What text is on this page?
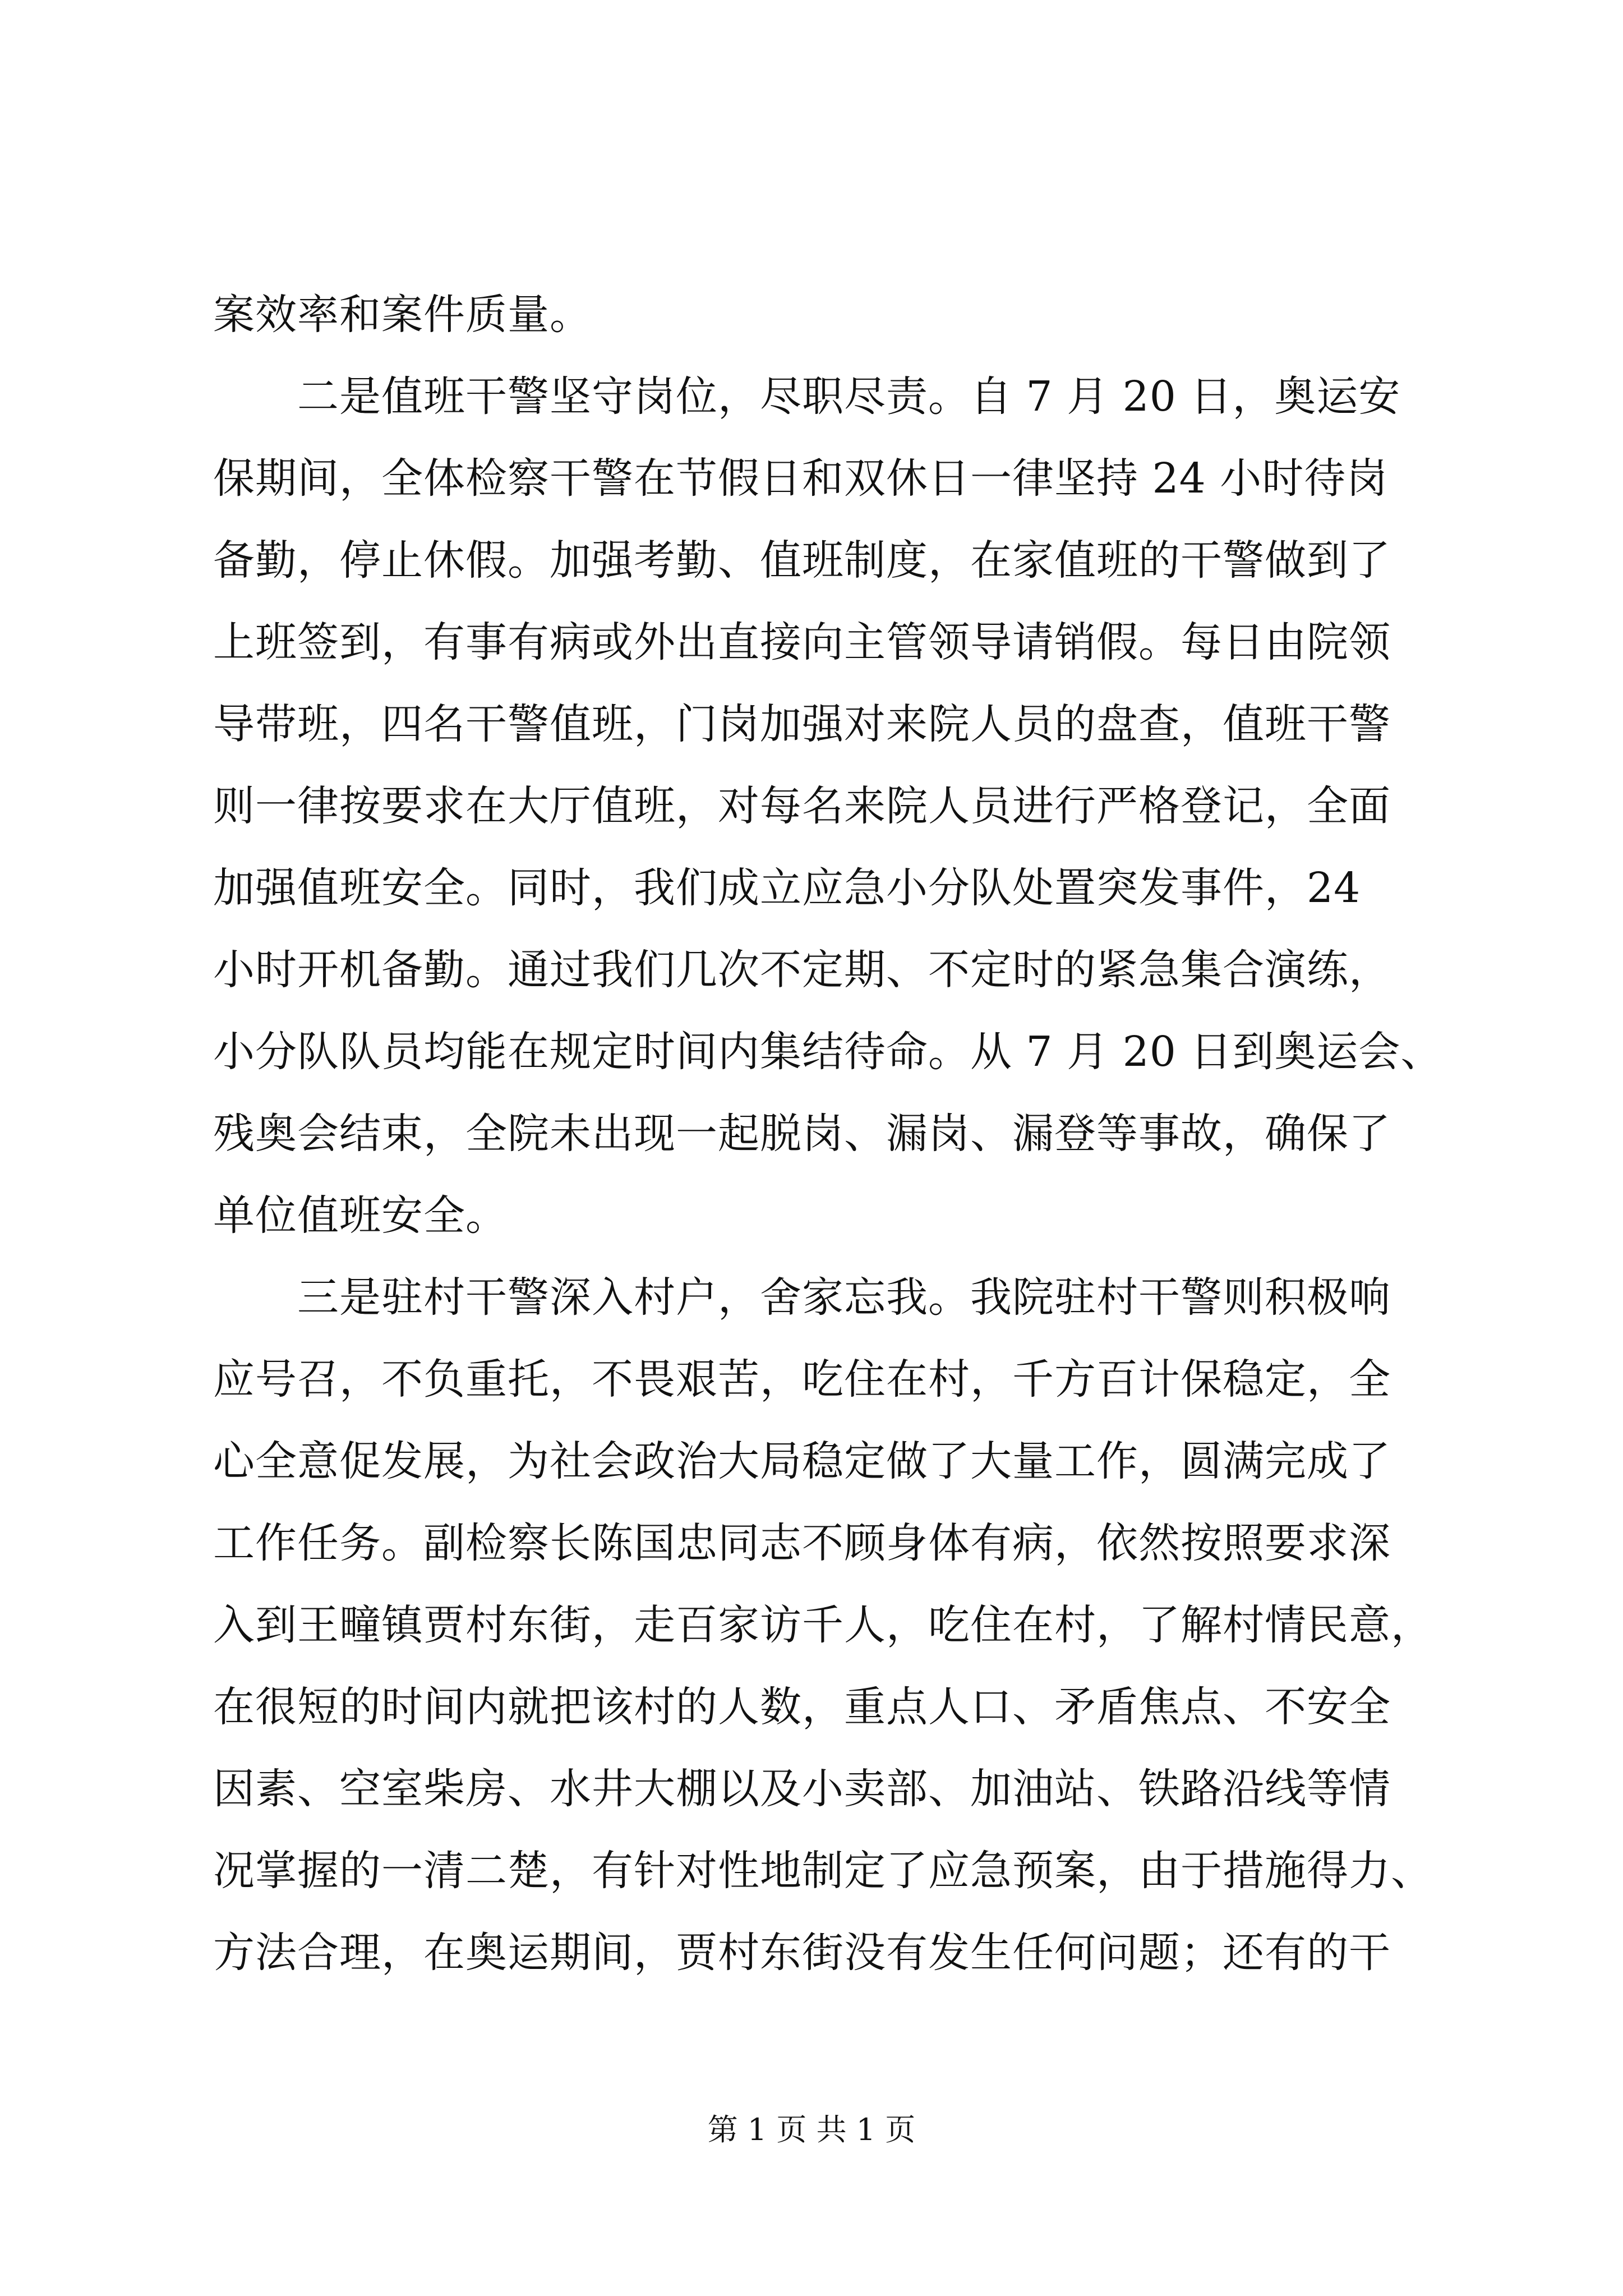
案效率和案件质量。
　　二是值班干警坚守岗位，尽职尽责。自 7 月 20 日，奥运安
保期间，全体检察干警在节假日和双休日一律坚持 24 小时待岗
备勤，停止休假。加强考勤、值班制度，在家值班的干警做到了
上班签到，有事有病或外出直接向主管领导请销假。每日由院领
导带班，四名干警值班，门岗加强对来院人员的盘查，值班干警
则一律按要求在大厅值班，对每名来院人员进行严格登记，全面
加强值班安全。同时，我们成立应急小分队处置突发事件，24
小时开机备勤。通过我们几次不定期、不定时的紧急集合演练，
小分队队员均能在规定时间内集结待命。从 7 月 20 日到奥运会、
残奥会结束，全院未出现一起脱岗、漏岗、漏登等事故，确保了
单位值班安全。
　　三是驻村干警深入村户，舍家忘我。我院驻村干警则积极响
应号召，不负重托，不畏艰苦，吃住在村，千方百计保稳定，全
心全意促发展，为社会政治大局稳定做了大量工作，圆满完成了
工作任务。副检察长陈国忠同志不顾身体有病，依然按照要求深
入到王疃镇贾村东街，走百家访千人，吃住在村，了解村情民意，
在很短的时间内就把该村的人数，重点人口、矛盾焦点、不安全
因素、空室柴房、水井大棚以及小卖部、加油站、铁路沿线等情
况掌握的一清二楚，有针对性地制定了应急预案，由于措施得力、
方法合理，在奥运期间，贾村东街没有发生任何问题；还有的干
第 1 页 共 1 页
